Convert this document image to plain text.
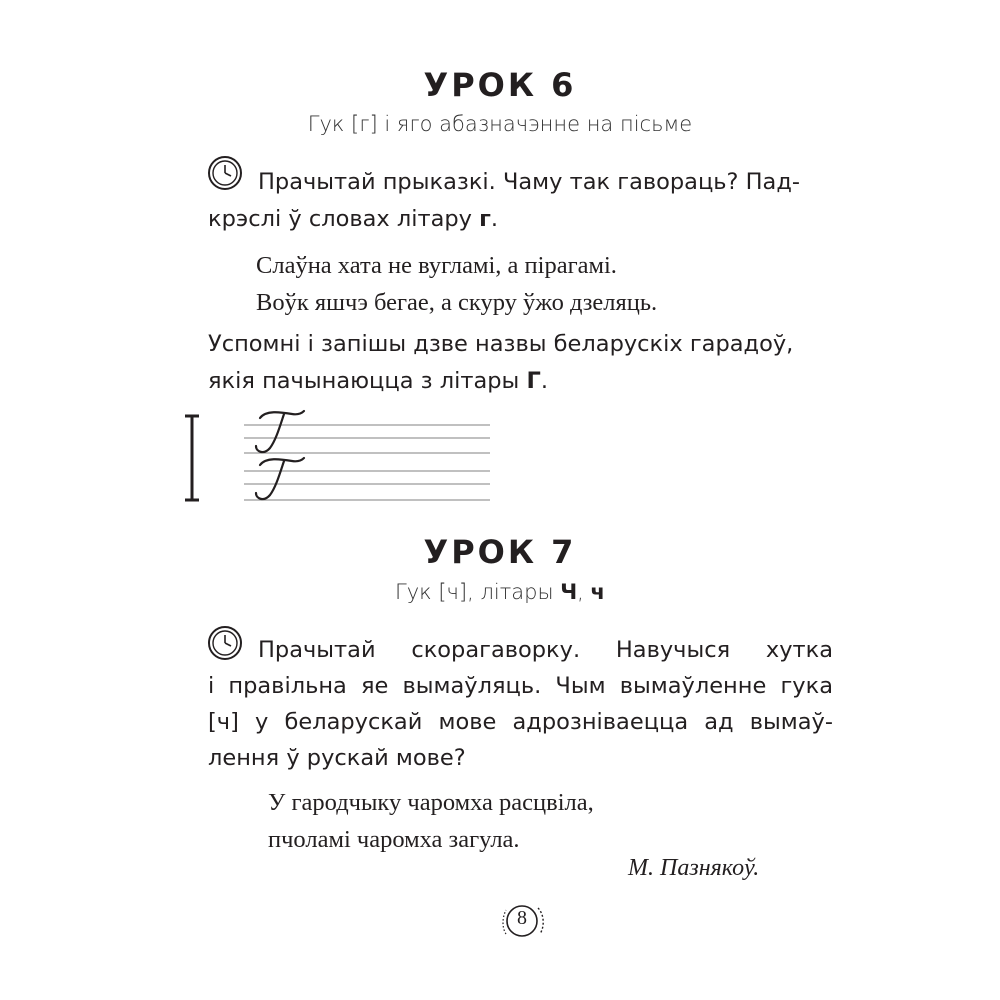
УРОК 6
Гук [г] і яго абазначэнне на пісьме
Прачытай прыказкі. Чаму так гавораць? Пад-
крэслі ў словах літару г.
Слаўна хата не вугламі, а пірагамі.
Воўк яшчэ бегае, а скуру ўжо дзеляць.
Успомні і запішы дзве назвы беларускіх гарадоў,
якія пачынаюцца з літары Г.
УРОК 7
Гук [ч], літары Ч, ч
Прачытай скорагаворку. Навучыся хутка
і правільна яе вымаўляць. Чым вымаўленне гука
[ч] у беларускай мове адрозніваецца ад вымаў-
лення ў рускай мове?
У гародчыку чаромха расцвіла,
пчоламі чаромха загула.
М. Пазнякоў.
8
